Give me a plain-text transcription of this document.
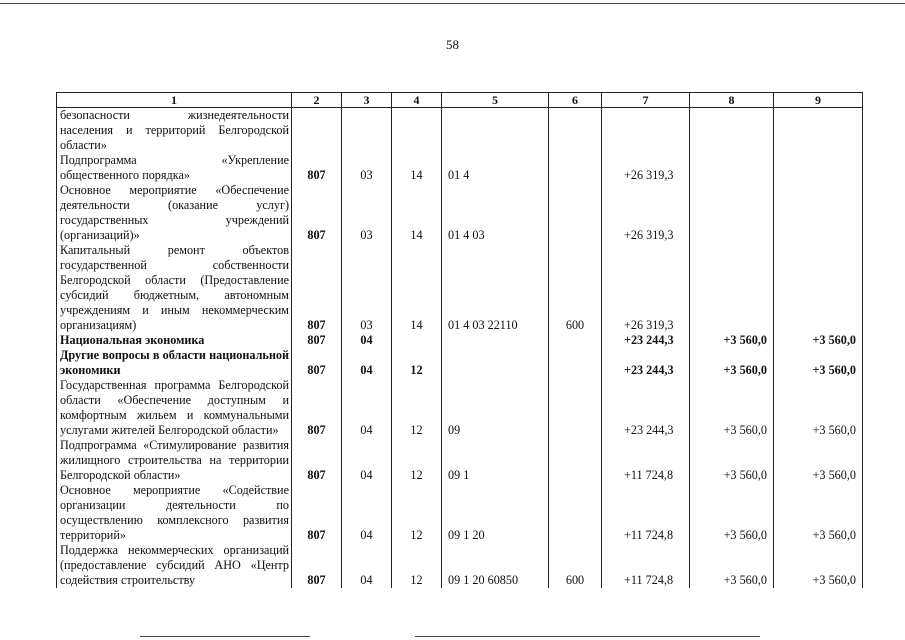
58
1	2	3	4	5	6	7	8	9
безопасности жизнедеятельности населения и территорий Белгородской области»								
Подпрограмма «Укрепление общественного порядка»	807	03	14	01 4		+26 319,3		
Основное мероприятие «Обеспечение деятельности (оказание услуг) государственных учреждений (организаций)»	807	03	14	01 4 03		+26 319,3		
Капитальный ремонт объектов государственной собственности Белгородской области (Предоставление субсидий бюджетным, автономным учреждениям и иным некоммерческим организациям)	807	03	14	01 4 03 22110	600	+26 319,3		
Национальная экономика	807	04				+23 244,3	+3 560,0	+3 560,0
Другие вопросы в области национальной экономики	807	04	12			+23 244,3	+3 560,0	+3 560,0
Государственная программа Белгородской области «Обеспечение доступным и комфортным жильем и коммунальными услугами жителей Белгородской области»	807	04	12	09		+23 244,3	+3 560,0	+3 560,0
Подпрограмма «Стимулирование развития жилищного строительства на территории Белгородской области»	807	04	12	09 1		+11 724,8	+3 560,0	+3 560,0
Основное мероприятие «Содействие организации деятельности по осуществлению комплексного развития территорий»	807	04	12	09 1 20		+11 724,8	+3 560,0	+3 560,0
Поддержка некоммерческих организаций (предоставление субсидий АНО «Центр содействия строительству	807	04	12	09 1 20 60850	600	+11 724,8	+3 560,0	+3 560,0
